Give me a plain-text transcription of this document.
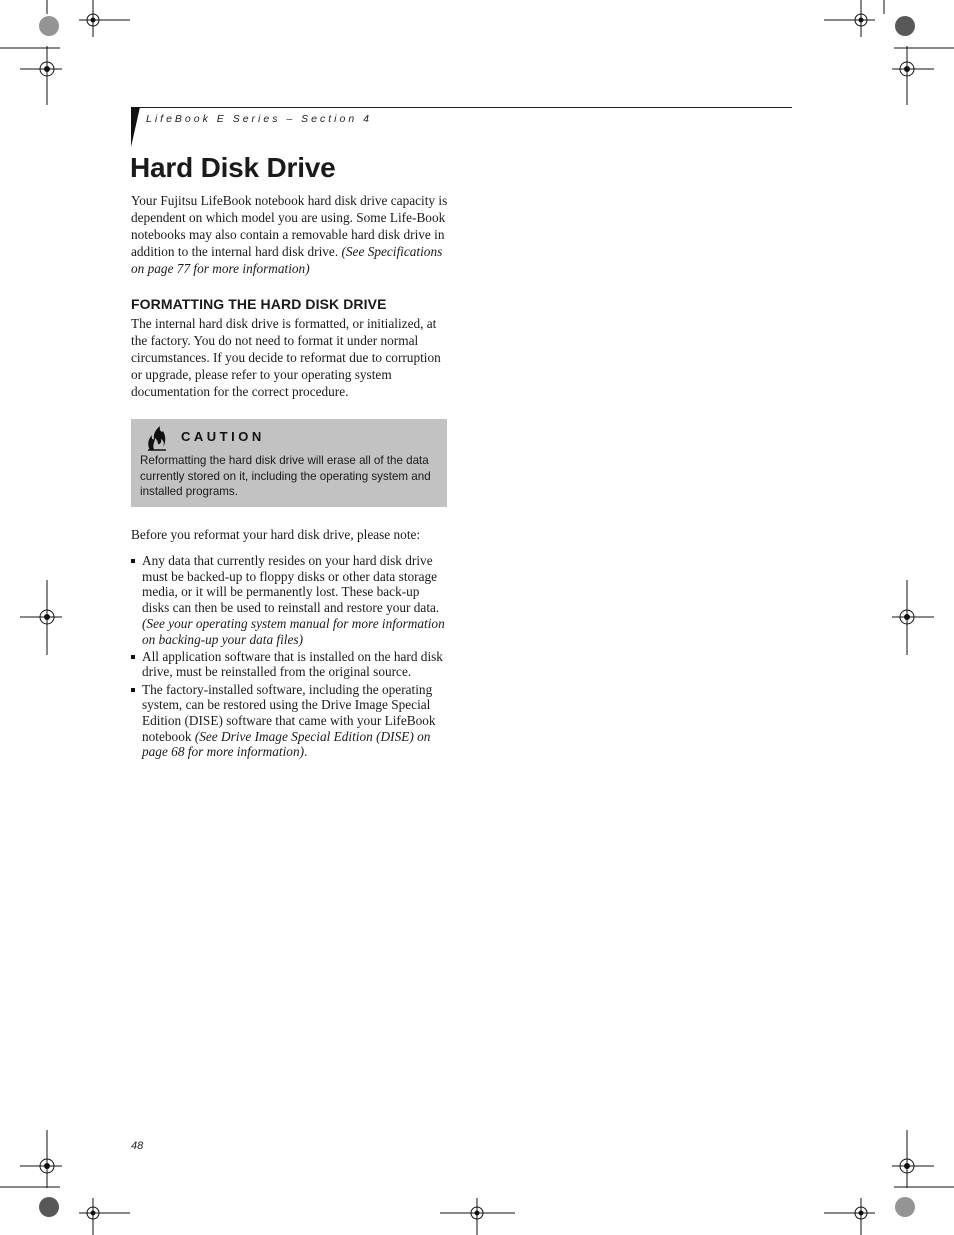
LifeBook E Series – Section 4
Hard Disk Drive
Your Fujitsu LifeBook notebook hard disk drive capacity is dependent on which model you are using. Some Life-Book notebooks may also contain a removable hard disk drive in addition to the internal hard disk drive. (See Specifications on page 77 for more information)
FORMATTING THE HARD DISK DRIVE
The internal hard disk drive is formatted, or initialized, at the factory. You do not need to format it under normal circumstances. If you decide to reformat due to corruption or upgrade, please refer to your operating system documentation for the correct procedure.
CAUTION
Reformatting the hard disk drive will erase all of the data currently stored on it, including the operating system and installed programs.
Before you reformat your hard disk drive, please note:
Any data that currently resides on your hard disk drive must be backed-up to floppy disks or other data storage media, or it will be permanently lost. These back-up disks can then be used to reinstall and restore your data. (See your operating system manual for more information on backing-up your data files)
All application software that is installed on the hard disk drive, must be reinstalled from the original source.
The factory-installed software, including the operating system, can be restored using the Drive Image Special Edition (DISE) software that came with your LifeBook notebook (See Drive Image Special Edition (DISE) on page 68 for more information).
48
